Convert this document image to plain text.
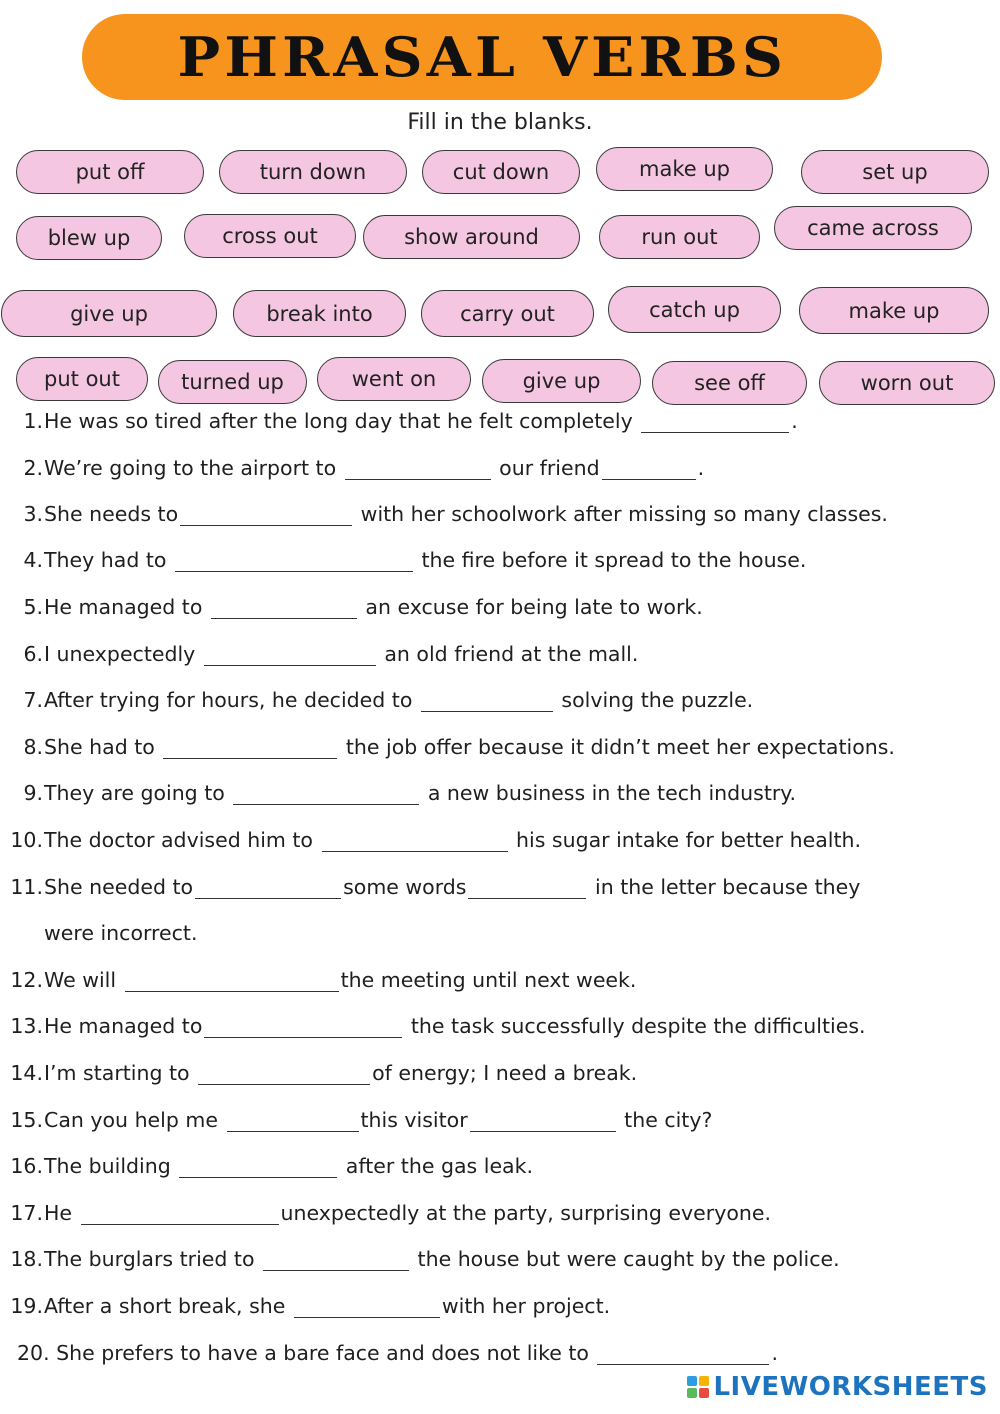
PHRASAL VERBS
Fill in the blanks.
put off	turn down	cut down	make up	set up
blew up	cross out	show around	run out	came across
give up	break into	carry out	catch up	make up
put out	turned up	went on	give up	see off	worn out
1. He was so tired after the long day that he felt completely	.
2. We’re going to the airport to	our friend	.
3. She needs to	with her schoolwork after missing so many classes.
4. They had to	the fire before it spread to the house.
5. He managed to	an excuse for being late to work.
6. I unexpectedly	an old friend at the mall.
7. After trying for hours, he decided to	solving the puzzle.
8. She had to	the job offer because it didn’t meet her expectations.
9. They are going to	a new business in the tech industry.
10. The doctor advised him to	his sugar intake for better health.
11. She needed to	some words	in the letter because they
were incorrect.
12. We will	the meeting until next week.
13. He managed to	the task successfully despite the difficulties.
14. I’m starting to	of energy; I need a break.
15. Can you help me	this visitor	the city?
16. The building	after the gas leak.
17. He	unexpectedly at the party, surprising everyone.
18. The burglars tried to	the house but were caught by the police.
19. After a short break, she	with her project.
20. She prefers to have a bare face and does not like to	.
LIVEWORKSHEETS
